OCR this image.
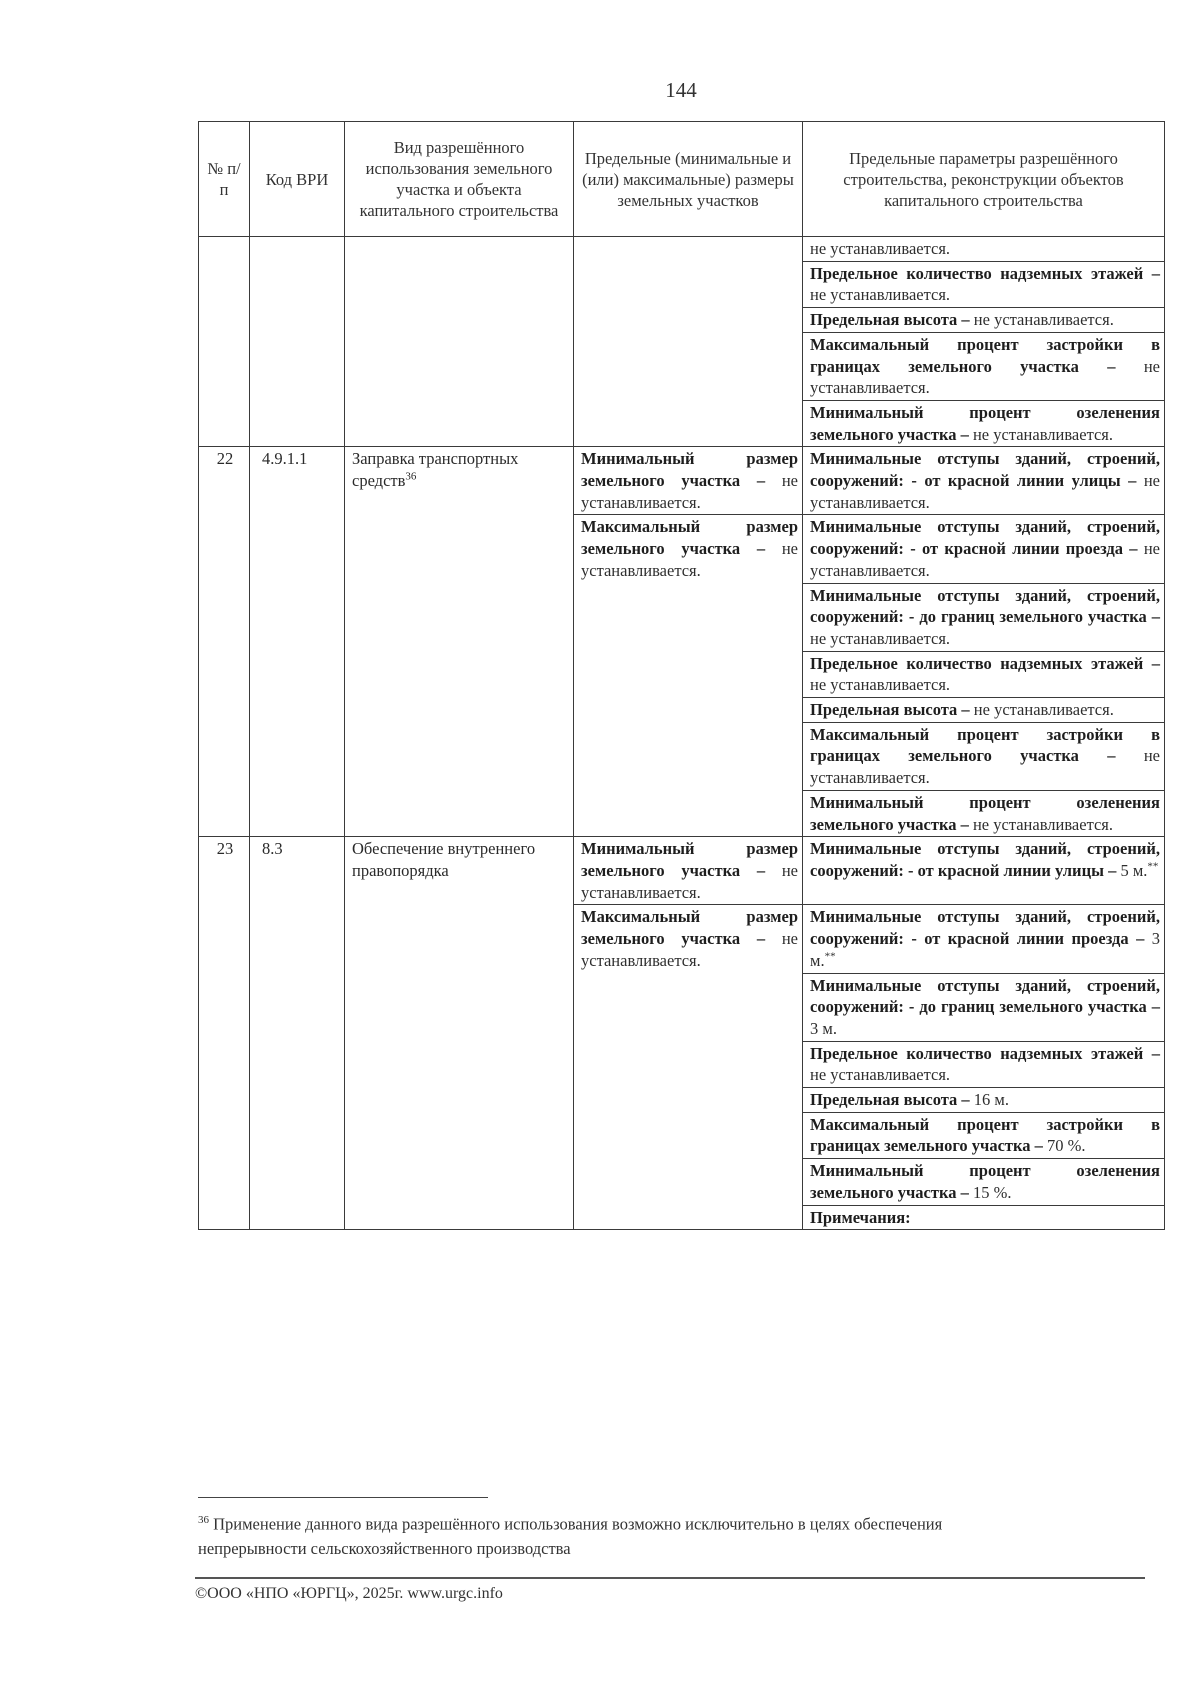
144
№ п/п	Код ВРИ	Вид разрешённого использования земельного участка и объекта капитального строительства	Предельные (минимальные и (или) максимальные) размеры земельных участков	Предельные параметры разрешённого строительства, реконструкции объектов капитального строительства
				не устанавливается.
				Предельное количество надземных этажей – не устанавливается.
				Предельная высота – не устанавливается.
				Максимальный процент застройки в границах земельного участка – не устанавливается.
				Минимальный процент озеленения земельного участка – не устанавливается.
22	4.9.1.1	Заправка транспортных средств$^{36}$	Минимальный размер земельного участка – не устанавливается.	Минимальные отступы зданий, строений, сооружений: - от красной линии улицы – не устанавливается.
			Максимальный размер земельного участка – не устанавливается.	Минимальные отступы зданий, строений, сооружений: - от красной линии проезда – не устанавливается.
				Минимальные отступы зданий, строений, сооружений: - до границ земельного участка – не устанавливается.
				Предельное количество надземных этажей – не устанавливается.
				Предельная высота – не устанавливается.
				Максимальный процент застройки в границах земельного участка – не устанавливается.
				Минимальный процент озеленения земельного участка – не устанавливается.
23	8.3	Обеспечение внутреннего правопорядка	Минимальный размер земельного участка – не устанавливается.	Минимальные отступы зданий, строений, сооружений: - от красной линии улицы – 5 м.**
			Максимальный размер земельного участка – не устанавливается.	Минимальные отступы зданий, строений, сооружений: - от красной линии проезда – 3 м.**
				Минимальные отступы зданий, строений, сооружений: - до границ земельного участка – 3 м.
				Предельное количество надземных этажей – не устанавливается.
				Предельная высота – 16 м.
				Максимальный процент застройки в границах земельного участка – 70 %.
				Минимальный процент озеленения земельного участка – 15 %.
				Примечания:
$^{36}$ Применение данного вида разрешённого использования возможно исключительно в целях обеспечения непрерывности сельскохозяйственного производства
©ООО «НПО «ЮРГЦ», 2025г. www.urgc.info
